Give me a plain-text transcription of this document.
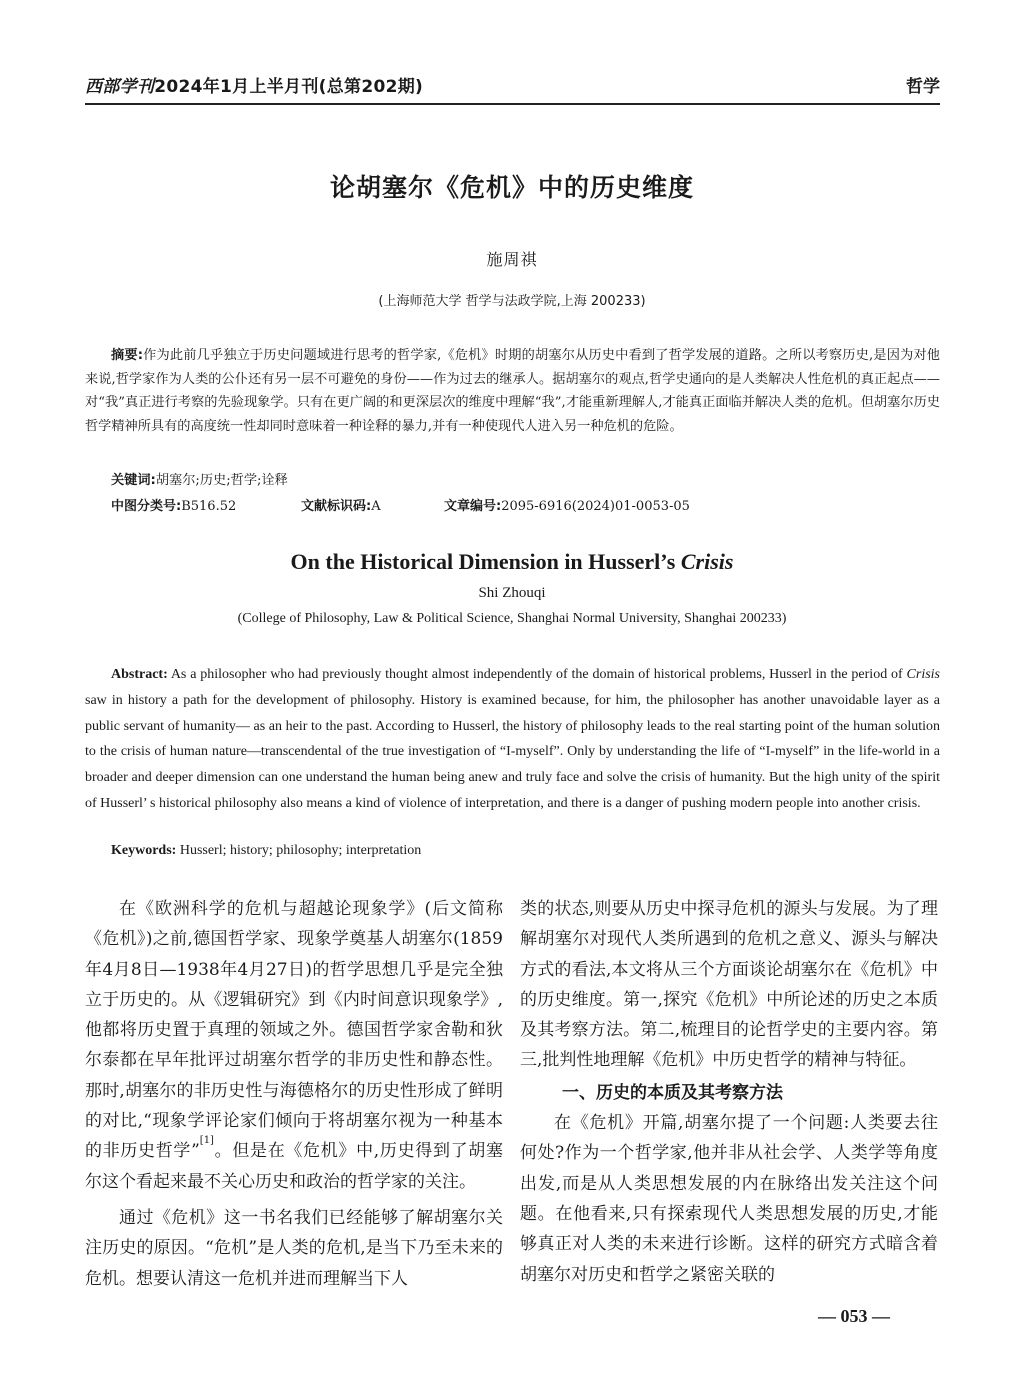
西部学刊2024年1月上半月刊(总第202期)	哲学
论胡塞尔《危机》中的历史维度
施周祺
(上海师范大学 哲学与法政学院,上海 200233)
摘要:作为此前几乎独立于历史问题域进行思考的哲学家,《危机》时期的胡塞尔从历史中看到了哲学发展的道路。之所以考察历史,是因为对他来说,哲学家作为人类的公仆还有另一层不可避免的身份——作为过去的继承人。据胡塞尔的观点,哲学史通向的是人类解决人性危机的真正起点——对“我”真正进行考察的先验现象学。只有在更广阔的和更深层次的维度中理解“我”,才能重新理解人,才能真正面临并解决人类的危机。但胡塞尔历史哲学精神所具有的高度统一性却同时意味着一种诠释的暴力,并有一种使现代人进入另一种危机的危险。
关键词:胡塞尔;历史;哲学;诠释
中图分类号:B516.52	文献标识码:A	文章编号:2095-6916(2024)01-0053-05
On the Historical Dimension in Husserl’s Crisis
Shi Zhouqi
(College of Philosophy, Law & Political Science, Shanghai Normal University, Shanghai 200233)
Abstract: As a philosopher who had previously thought almost independently of the domain of historical problems, Husserl in the period of Crisis saw in history a path for the development of philosophy. History is examined because, for him, the philosopher has another unavoidable layer as a public servant of humanity— as an heir to the past. According to Husserl, the history of philosophy leads to the real starting point of the human solution to the crisis of human nature—transcendental of the true investigation of “I-myself”. Only by understanding the life of “I-myself” in the life-world in a broader and deeper dimension can one understand the human being anew and truly face and solve the crisis of humanity. But the high unity of the spirit of Husserl’ s historical philosophy also means a kind of violence of interpretation, and there is a danger of pushing modern people into another crisis.
Keywords: Husserl; history; philosophy; interpretation

在《欧洲科学的危机与超越论现象学》(后文简称《危机》)之前,德国哲学家、现象学奠基人胡塞尔(1859年4月8日—1938年4月27日)的哲学思想几乎是完全独立于历史的。从《逻辑研究》到《内时间意识现象学》,他都将历史置于真理的领域之外。德国哲学家舍勒和狄尔泰都在早年批评过胡塞尔哲学的非历史性和静态性。那时,胡塞尔的非历史性与海德格尔的历史性形成了鲜明的对比,“现象学评论家们倾向于将胡塞尔视为一种基本的非历史哲学”[1]。但是在《危机》中,历史得到了胡塞尔这个看起来最不关心历史和政治的哲学家的关注。

通过《危机》这一书名我们已经能够了解胡塞尔关注历史的原因。“危机”是人类的危机,是当下乃至未来的危机。想要认清这一危机并进而理解当下人

类的状态,则要从历史中探寻危机的源头与发展。为了理解胡塞尔对现代人类所遇到的危机之意义、源头与解决方式的看法,本文将从三个方面谈论胡塞尔在《危机》中的历史维度。第一,探究《危机》中所论述的历史之本质及其考察方法。第二,梳理目的论哲学史的主要内容。第三,批判性地理解《危机》中历史哲学的精神与特征。

一、历史的本质及其考察方法

在《危机》开篇,胡塞尔提了一个问题:人类要去往何处?作为一个哲学家,他并非从社会学、人类学等角度出发,而是从人类思想发展的内在脉络出发关注这个问题。在他看来,只有探索现代人类思想发展的历史,才能够真正对人类的未来进行诊断。这样的研究方式暗含着胡塞尔对历史和哲学之紧密关联的

— 053 —
